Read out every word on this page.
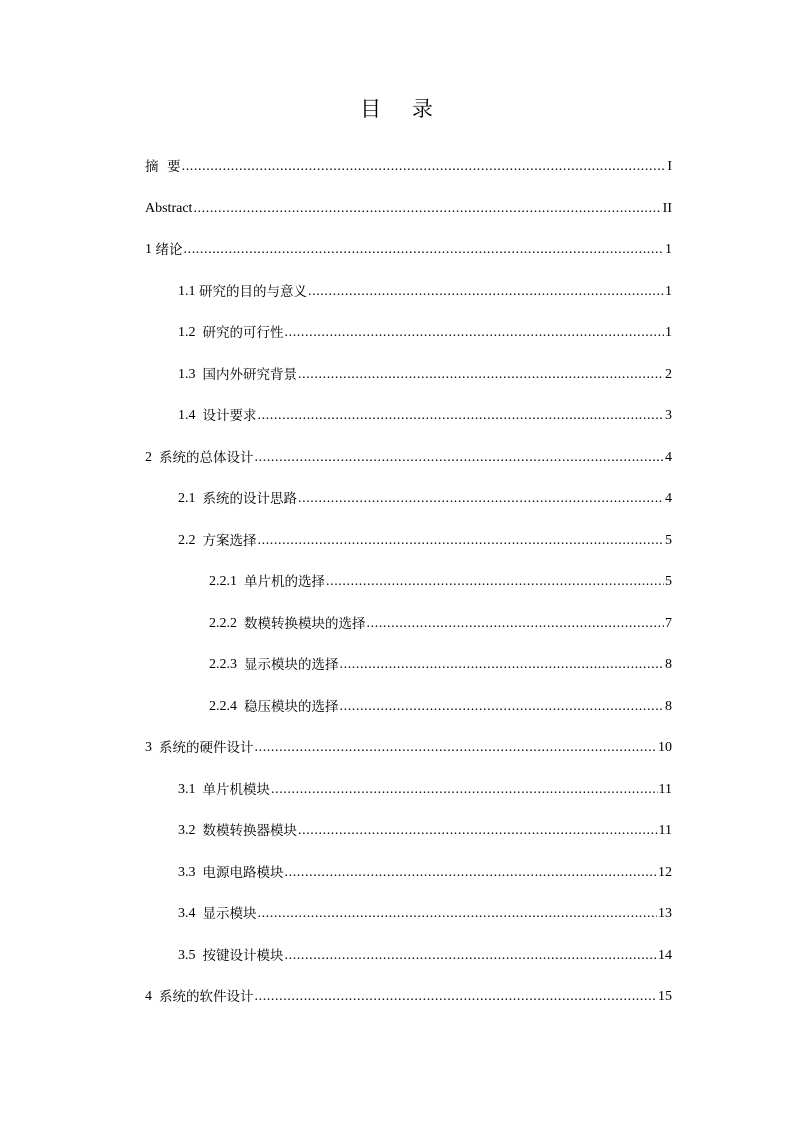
目 录
摘  要 .....	I
Abstract .....	II
1 绪论 .....	1
1.1 研究的目的与意义 .....	1
1.2 研究的可行性 .....	1
1.3 国内外研究背景 .....	2
1.4 设计要求 .....	3
2 系统的总体设计 .....	4
2.1 系统的设计思路 .....	4
2.2 方案选择 .....	5
2.2.1 单片机的选择 .....	5
2.2.2 数模转换模块的选择 .....	7
2.2.3 显示模块的选择 .....	8
2.2.4 稳压模块的选择 .....	8
3 系统的硬件设计 .....	10
3.1 单片机模块 .....	11
3.2 数模转换器模块 .....	11
3.3 电源电路模块 .....	12
3.4 显示模块 .....	13
3.5 按键设计模块 .....	14
4 系统的软件设计 .....	15
